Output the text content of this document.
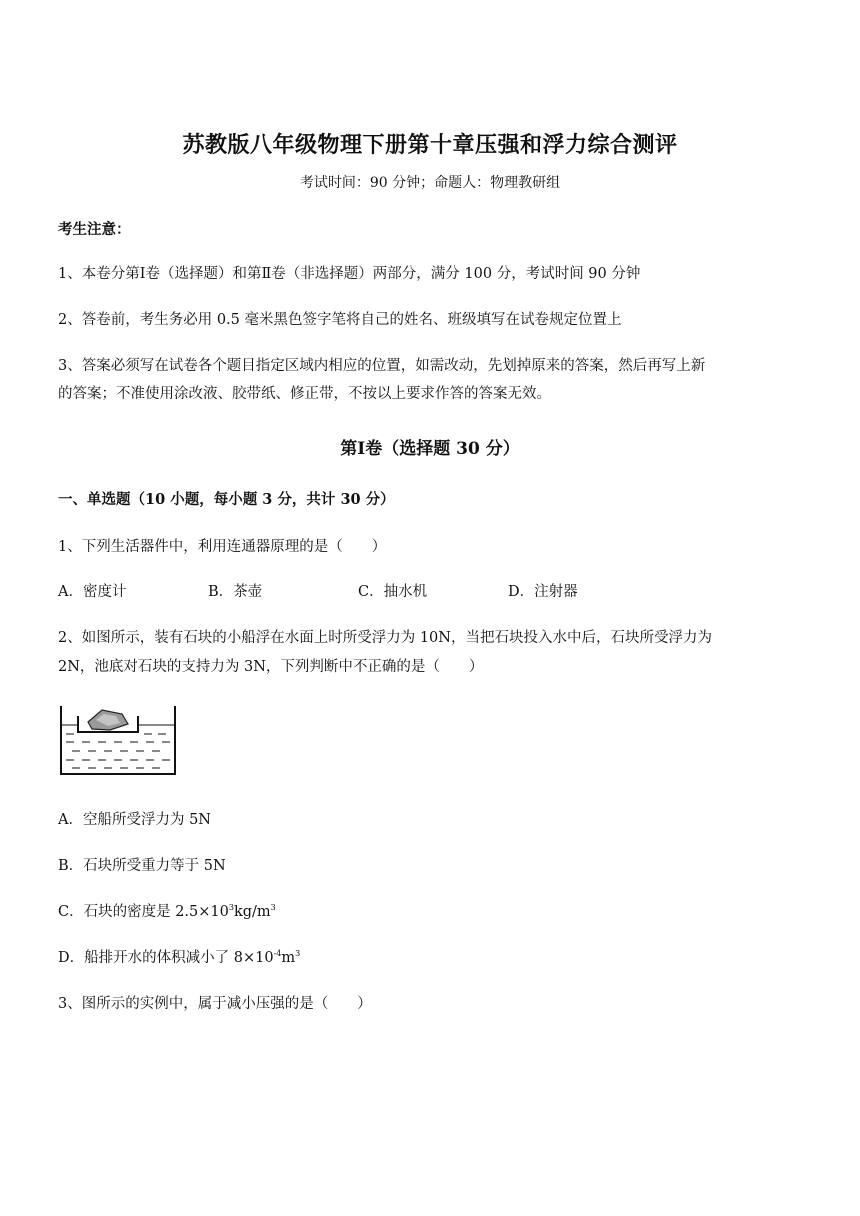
苏教版八年级物理下册第十章压强和浮力综合测评
考试时间：90 分钟；命题人：物理教研组
考生注意：
1、本卷分第Ⅰ卷（选择题）和第Ⅱ卷（非选择题）两部分，满分 100 分，考试时间 90 分钟
2、答卷前，考生务必用 0.5 毫米黑色签字笔将自己的姓名、班级填写在试卷规定位置上
3、答案必须写在试卷各个题目指定区域内相应的位置，如需改动，先划掉原来的答案，然后再写上新
的答案；不准使用涂改液、胶带纸、修正带，不按以上要求作答的答案无效。
第Ⅰ卷（选择题 30 分）
一、单选题（10 小题，每小题 3 分，共计 30 分）
1、下列生活器件中，利用连通器原理的是（　　）
A．密度计	B．茶壶	C．抽水机	D．注射器
2、如图所示，装有石块的小船浮在水面上时所受浮力为 10N，当把石块投入水中后，石块所受浮力为
2N，池底对石块的支持力为 3N，下列判断中不正确的是（　　）
A．空船所受浮力为 5N
B．石块所受重力等于 5N
C．石块的密度是 $2.5\times 10^3kg/m^3$
D．船排开水的体积减小了 $8\times 10^{-4}m^3$
3、图所示的实例中，属于减小压强的是（　　）
